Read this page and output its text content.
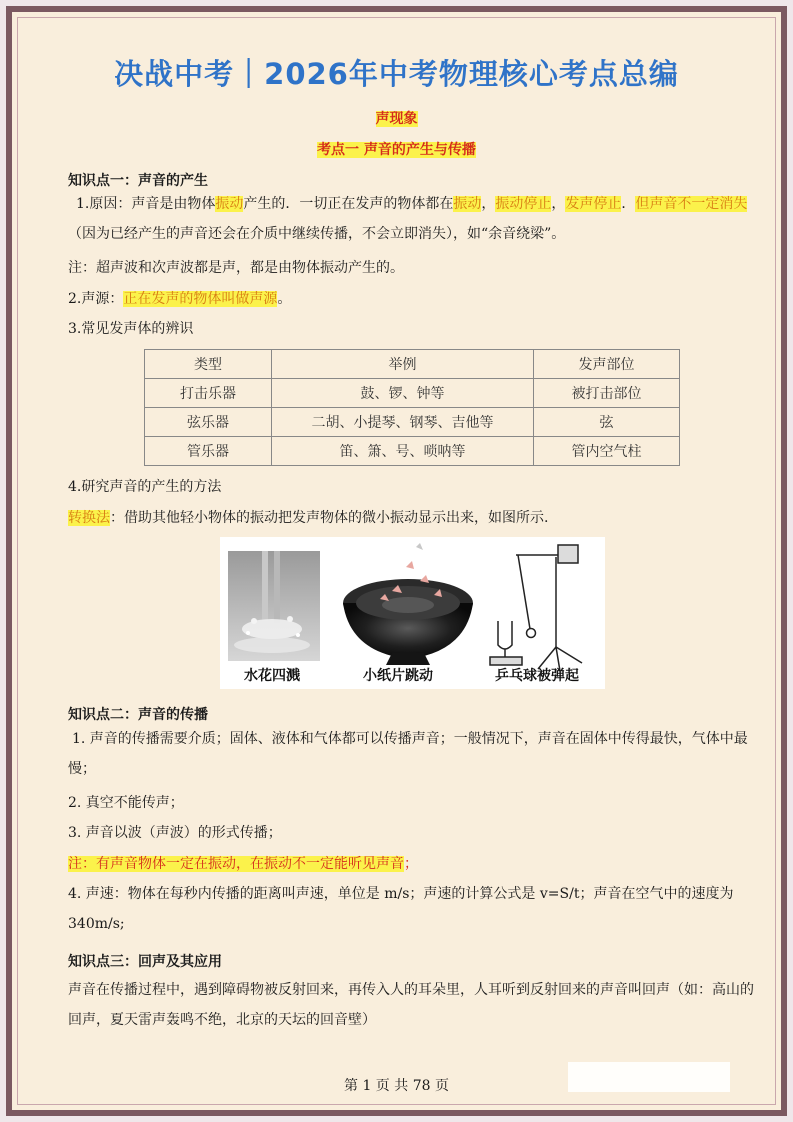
决战中考｜2026年中考物理核心考点总编
声现象
考点一 声音的产生与传播

知识点一：声音的产生

1.原因：声音是由物体振动产生的．一切正在发声的物体都在振动，振动停止，发声停止．但声音不一定消失（因为已经产生的声音还会在介质中继续传播，不会立即消失），如“余音绕梁”。

注：超声波和次声波都是声，都是由物体振动产生的。

2.声源：正在发声的物体叫做声源。

3.常见发声体的辨识

类型	举例	发声部位
打击乐器	鼓、锣、钟等	被打击部位
弦乐器	二胡、小提琴、钢琴、吉他等	弦
管乐器	笛、箫、号、唢呐等	管内空气柱

4.研究声音的产生的方法

转换法：借助其他轻小物体的振动把发声物体的微小振动显示出来，如图所示.

水花四溅	小纸片跳动	乒乓球被弹起

知识点二：声音的传播

1. 声音的传播需要介质；固体、液体和气体都可以传播声音；一般情况下，声音在固体中传得最快，气体中最慢；

2. 真空不能传声；

3. 声音以波（声波）的形式传播；

注：有声音物体一定在振动，在振动不一定能听见声音；

4. 声速：物体在每秒内传播的距离叫声速，单位是 m/s；声速的计算公式是 v=S/t；声音在空气中的速度为 340m/s;

知识点三：回声及其应用

声音在传播过程中，遇到障碍物被反射回来，再传入人的耳朵里，人耳听到反射回来的声音叫回声（如：高山的回声，夏天雷声轰鸣不绝，北京的天坛的回音壁）

第 1 页 共 78 页
